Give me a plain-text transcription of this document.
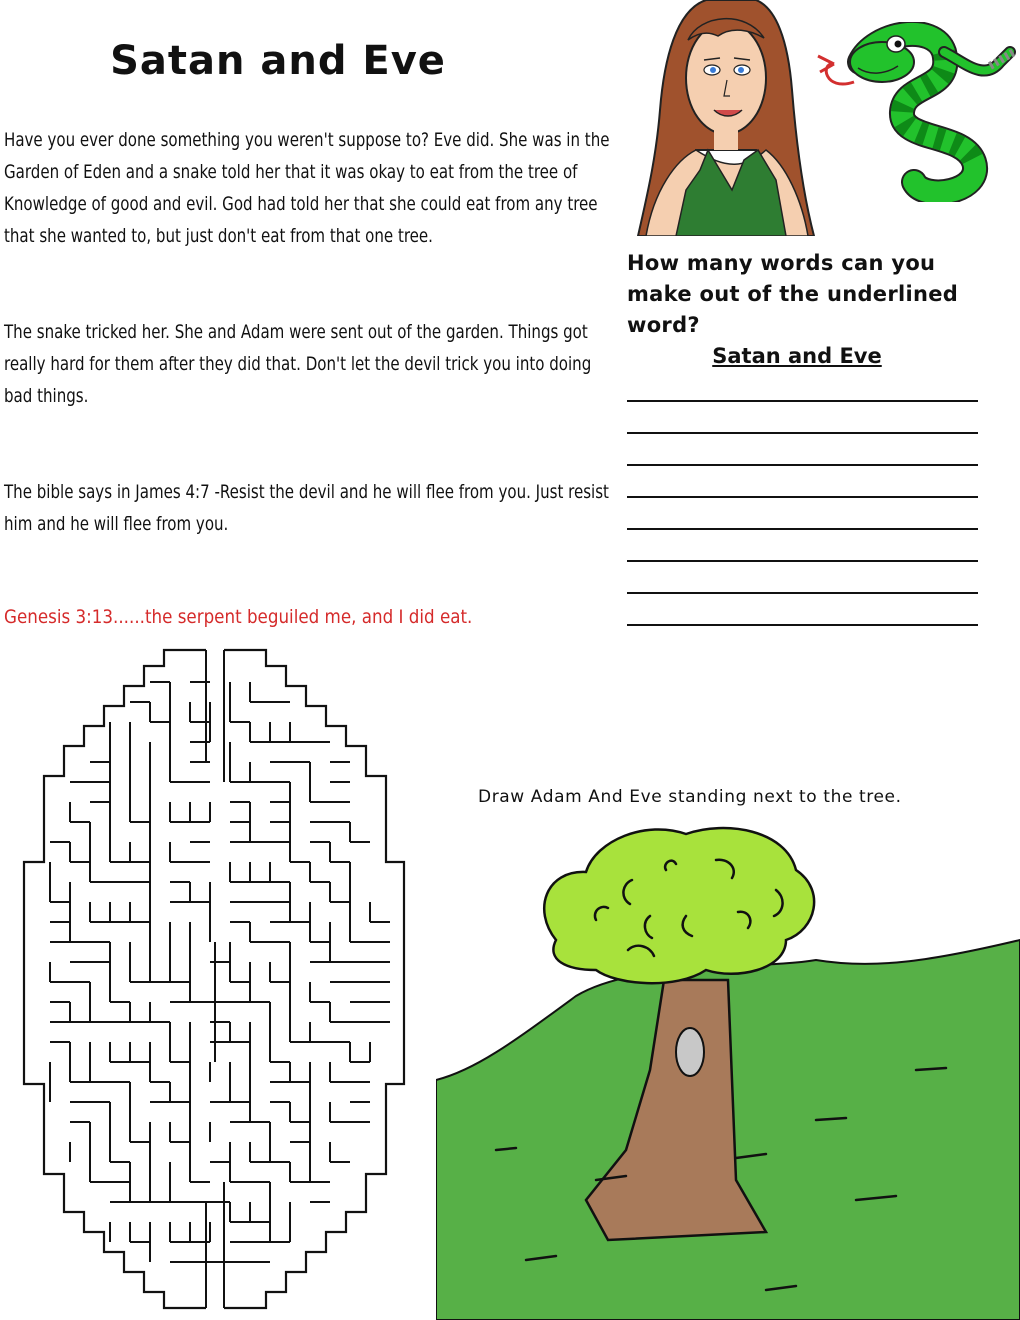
Satan and Eve
Have you ever done something you weren't suppose to? Eve did. She was in the Garden of Eden and a snake told her that it was okay to eat from the tree of Knowledge of good and evil. God had told her that she could eat from any tree that she wanted to, but just don't eat from that one tree.
The snake tricked her. She and Adam were sent out of the garden. Things got really hard for them after they did that. Don't let the devil trick you into doing bad things.
The bible says in James 4:7 -Resist the devil and he will flee from you. Just resist him and he will flee from you.
Genesis 3:13......the serpent beguiled me, and I did eat.
How many words can you make out of the underlined word?
Satan and Eve
Draw Adam And Eve standing next to the tree.
